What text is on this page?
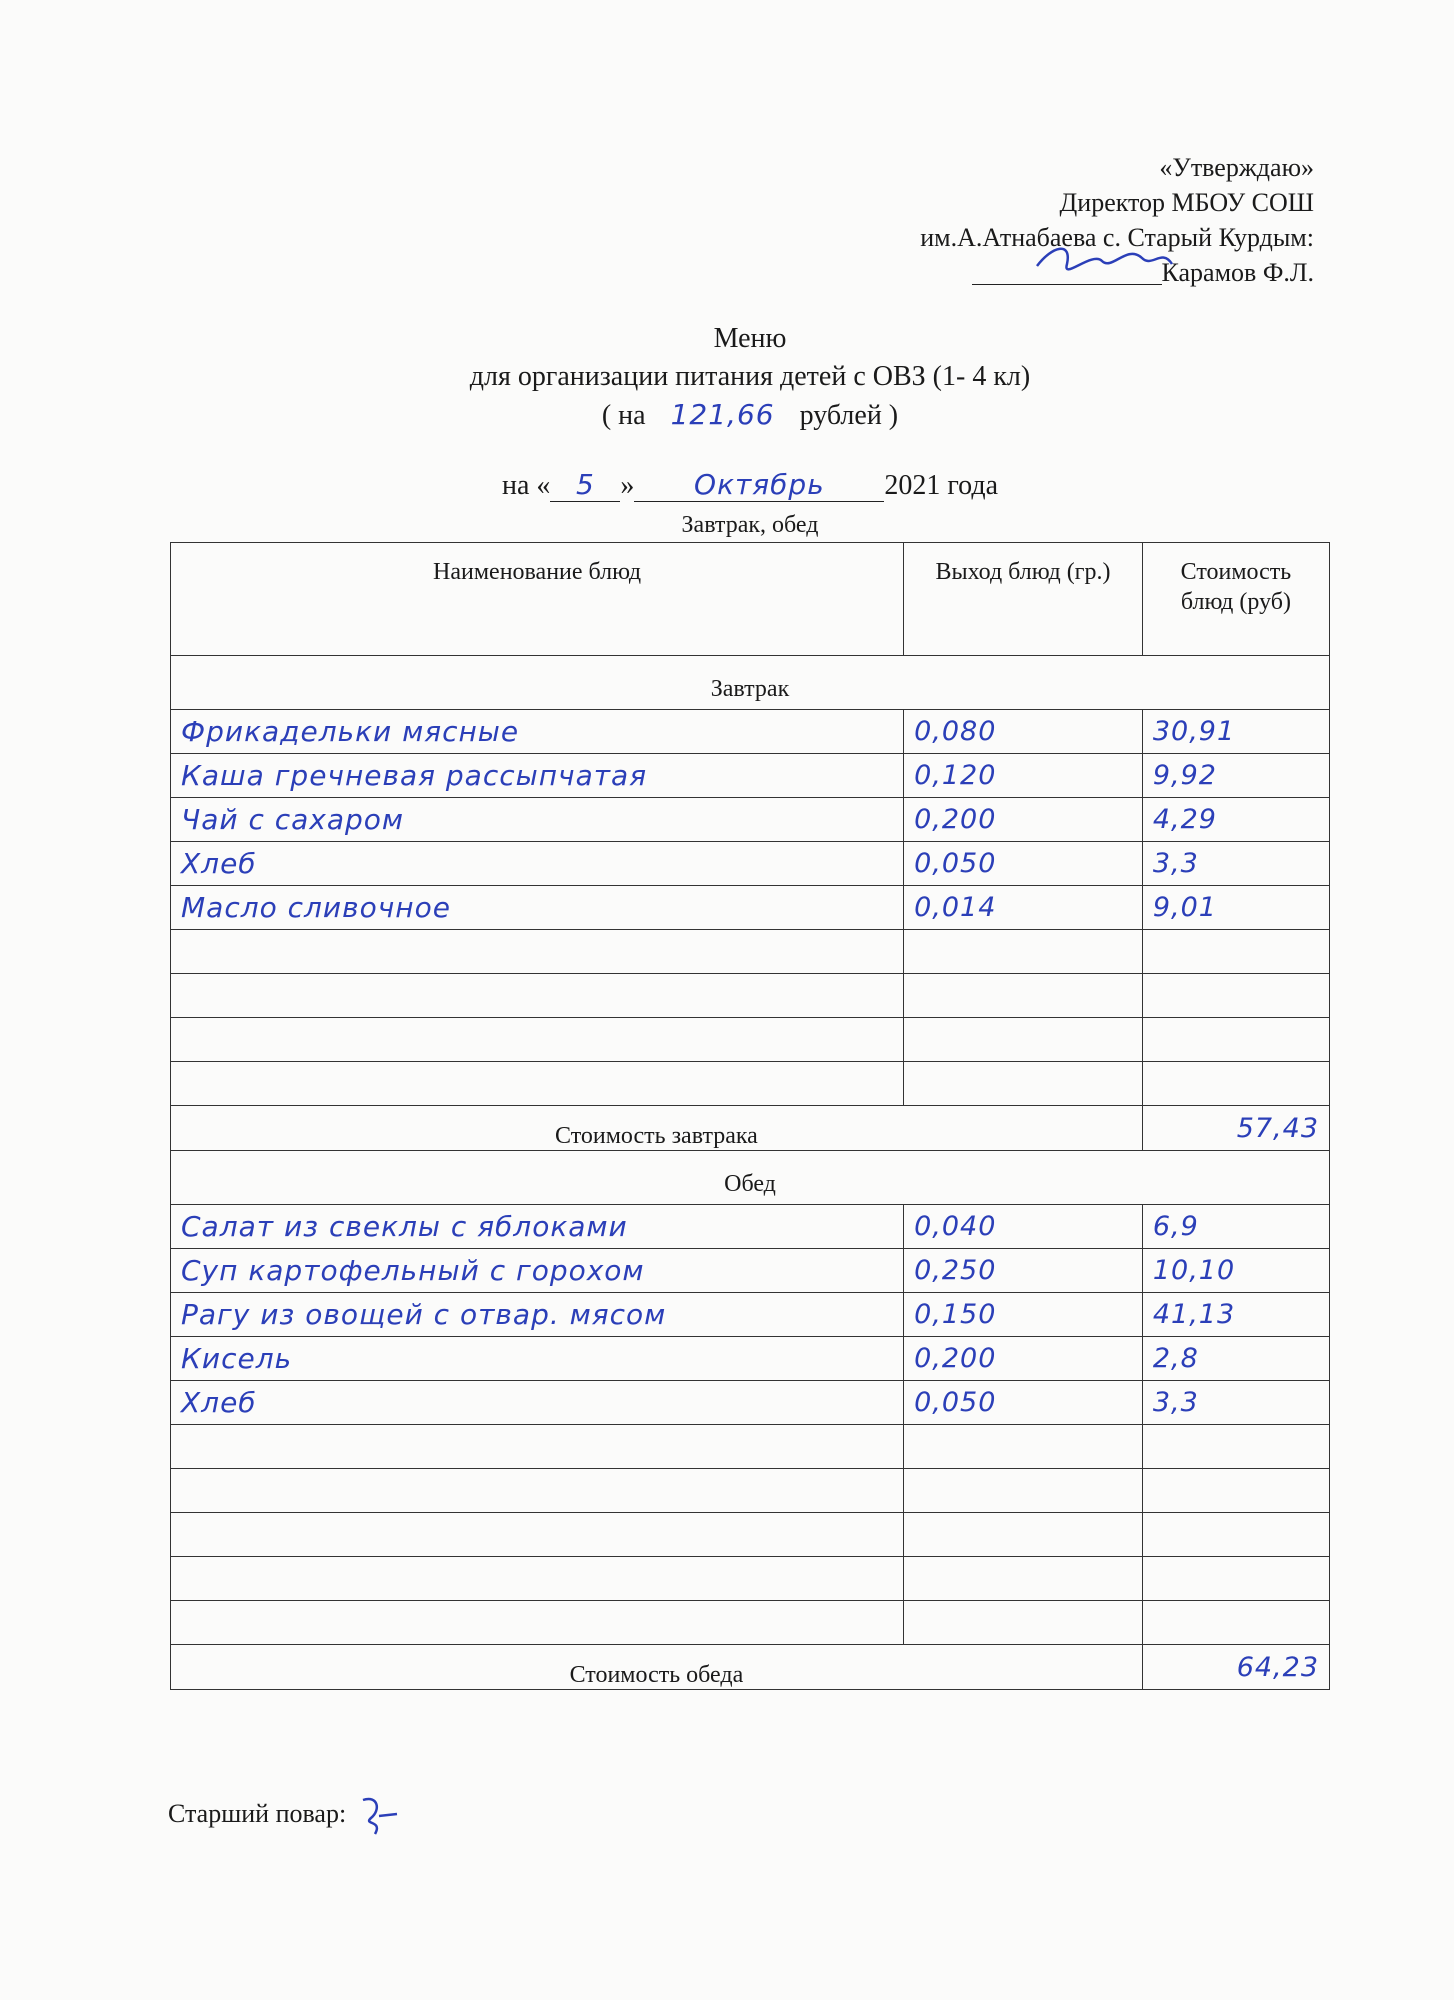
«Утверждаю»
Директор МБОУ СОШ
им.А.Атнабаева с. Старый Курдым:
Карамов Ф.Л.
Меню
для организации питания детей с ОВЗ (1- 4 кл)
( на 121,66 рублей )
на « 5 » Октябрь 2021 года
Завтрак, обед
Наименование блюд	Выход блюд (гр.)	Стоимость блюд (руб)
Завтрак		
Фрикадельки мясные	0,080	30,91
Каша гречневая рассыпчатая	0,120	9,92
Чай с сахаром	0,200	4,29
Хлеб	0,050	3,3
Масло сливочное	0,014	9,01

Стоимость завтрака		57,43
Обед		
Салат из свеклы с яблоками	0,040	6,9
Суп картофельный с горохом	0,250	10,10
Рагу из овощей с отвар. мясом	0,150	41,13
Кисель	0,200	2,8
Хлеб	0,050	3,3

Стоимость обеда		64,23
Старший повар:
